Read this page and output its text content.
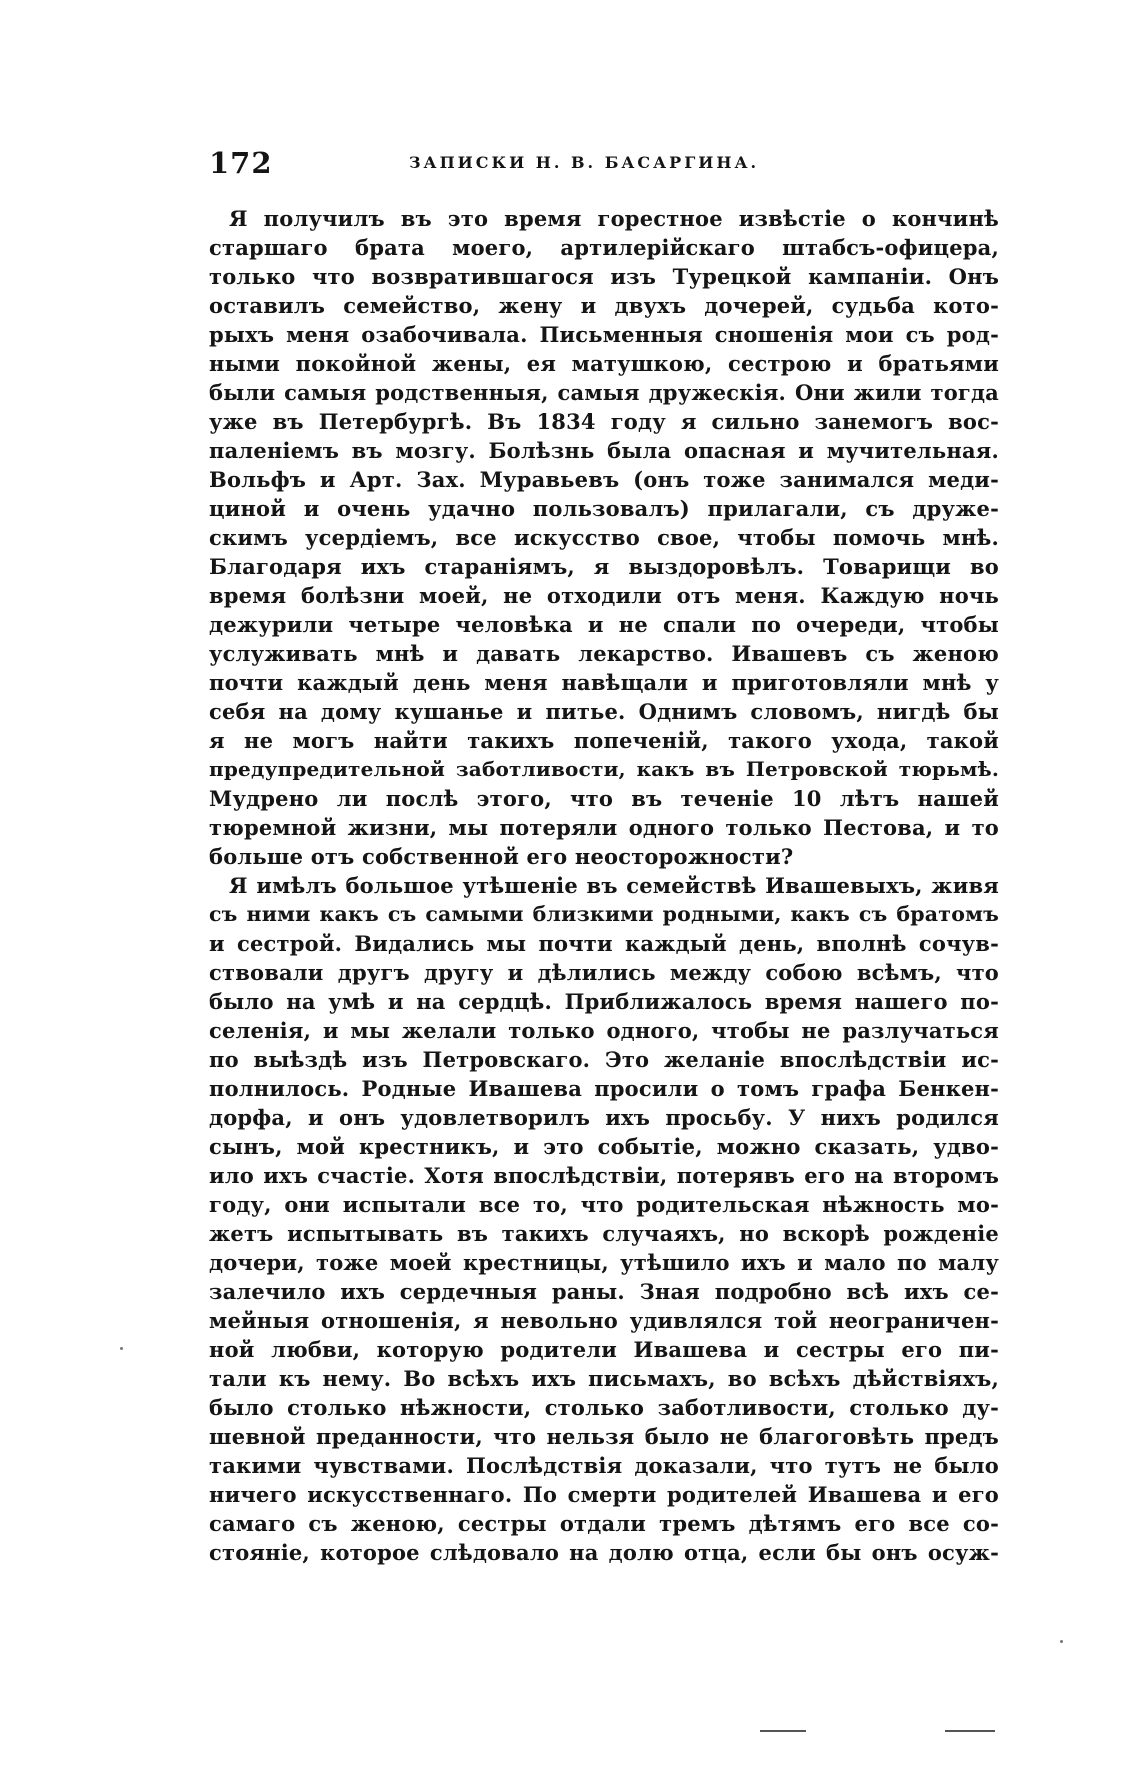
172	ЗАПИСКИ Н. В. БАСАРГИНА.
Я получилъ въ это время горестное извѣстіе о кончинѣ
старшаго брата моего, артилерійскаго штабсъ-офицера,
только что возвратившагося изъ Турецкой кампаніи. Онъ
оставилъ семейство, жену и двухъ дочерей, судьба кото-
рыхъ меня озабочивала. Письменныя сношенія мои съ род-
ными покойной жены, ея матушкою, сестрою и братьями
были самыя родственныя, самыя дружескія. Они жили тогда
уже въ Петербургѣ. Въ 1834 году я сильно занемогъ вос-
паленіемъ въ мозгу. Болѣзнь была опасная и мучительная.
Вольфъ и Арт. Зах. Муравьевъ (онъ тоже занимался меди-
циной и очень удачно пользовалъ) прилагали, съ друже-
скимъ усердіемъ, все искусство свое, чтобы помочь мнѣ.
Благодаря ихъ стараніямъ, я выздоровѣлъ. Товарищи во
время болѣзни моей, не отходили отъ меня. Каждую ночь
дежурили четыре человѣка и не спали по очереди, чтобы
услуживать мнѣ и давать лекарство. Ивашевъ съ женою
почти каждый день меня навѣщали и приготовляли мнѣ у
себя на дому кушанье и питье. Однимъ словомъ, нигдѣ бы
я не могъ найти такихъ попеченій, такого ухода, такой
предупредительной заботливости, какъ въ Петровской тюрьмѣ.
Мудрено ли послѣ этого, что въ теченіе 10 лѣтъ нашей
тюремной жизни, мы потеряли одного только Пестова, и то
больше отъ собственной его неосторожности?
Я имѣлъ большое утѣшеніе въ семействѣ Ивашевыхъ, живя
съ ними какъ съ самыми близкими родными, какъ съ братомъ
и сестрой. Видались мы почти каждый день, вполнѣ сочув-
ствовали другъ другу и дѣлились между собою всѣмъ, что
было на умѣ и на сердцѣ. Приближалось время нашего по-
селенія, и мы желали только одного, чтобы не разлучаться
по выѣздѣ изъ Петровскаго. Это желаніе впослѣдствіи ис-
полнилось. Родные Ивашева просили о томъ графа Бенкен-
дорфа, и онъ удовлетворилъ ихъ просьбу. У нихъ родился
сынъ, мой крестникъ, и это событіе, можно сказать, удво-
ило ихъ счастіе. Хотя впослѣдствіи, потерявъ его на второмъ
году, они испытали все то, что родительская нѣжность мо-
жетъ испытывать въ такихъ случаяхъ, но вскорѣ рожденіе
дочери, тоже моей крестницы, утѣшило ихъ и мало по малу
залечило ихъ сердечныя раны. Зная подробно всѣ ихъ се-
мейныя отношенія, я невольно удивлялся той неограничен-
ной любви, которую родители Ивашева и сестры его пи-
тали къ нему. Во всѣхъ ихъ письмахъ, во всѣхъ дѣйствіяхъ,
было столько нѣжности, столько заботливости, столько ду-
шевной преданности, что нельзя было не благоговѣть предъ
такими чувствами. Послѣдствія доказали, что тутъ не было
ничего искусственнаго. По смерти родителей Ивашева и его
самаго съ женою, сестры отдали тремъ дѣтямъ его все со-
стояніе, которое слѣдовало на долю отца, если бы онъ осуж-
